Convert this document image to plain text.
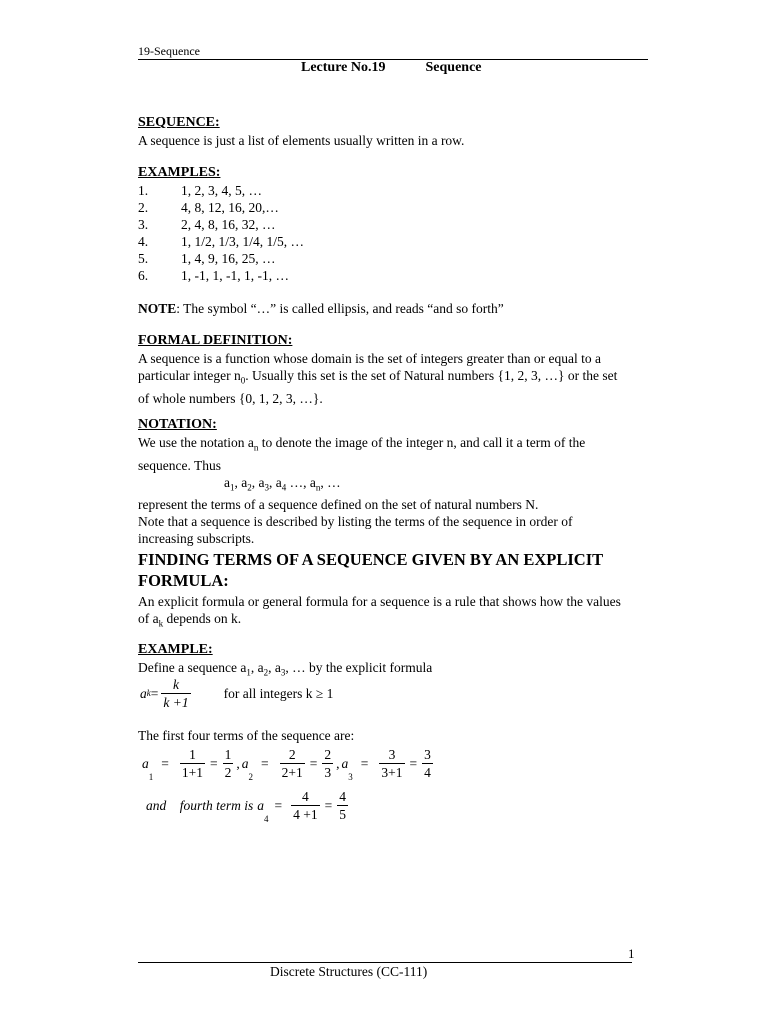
19-Sequence
Lecture No.19	Sequence
SEQUENCE:
A sequence is just a list of elements usually written in a row.
EXAMPLES:
1.	1, 2, 3, 4, 5, …
2.	4, 8, 12, 16, 20,…
3.	2, 4, 8, 16, 32, …
4.	1, 1/2, 1/3, 1/4, 1/5, …
5.	1, 4, 9, 16, 25, …
6.	1, -1, 1, -1, 1, -1, …
NOTE: The symbol “…” is called ellipsis, and reads “and so forth”
FORMAL DEFINITION:
A sequence is a function whose domain is the set of integers greater than or equal to a
particular integer $n_0$. Usually this set is the set of Natural numbers {1, 2, 3, …} or the set
of whole numbers {0, 1, 2, 3, …}.
NOTATION:
We use the notation $a_n$ to denote the image of the integer n, and call it a term of the
sequence. Thus
$a_1$, $a_2$, $a_3$, $a_4$ …, $a_n$, …
represent the terms of a sequence defined on the set of natural numbers N.
Note that a sequence is described by listing the terms of the sequence in order of
increasing subscripts.
FINDING TERMS OF A SEQUENCE GIVEN BY AN EXPLICIT
FORMULA:
An explicit formula or general formula for a sequence is a rule that shows how the values
of $a_k$ depends on k.
EXAMPLE:
Define a sequence $a_1$, $a_2$, $a_3$, … by the explicit formula
a $k = \frac{k}{k +1}$ for all integers k ≥ 1
The first four terms of the sequence are:
a
$_1$
= $\frac{1}{1+1} = \frac{1}{2}$ , a
$_2$
= $\frac{2}{2+1} = \frac{2}{3}$ , a
$_3$
= $\frac{3}{3+1} = \frac{3}{4}$
and    fourth term is a
$_4$
= $\frac{4}{4 +1} = \frac{4}{5}$
1
Discrete Structures (CC-111)
